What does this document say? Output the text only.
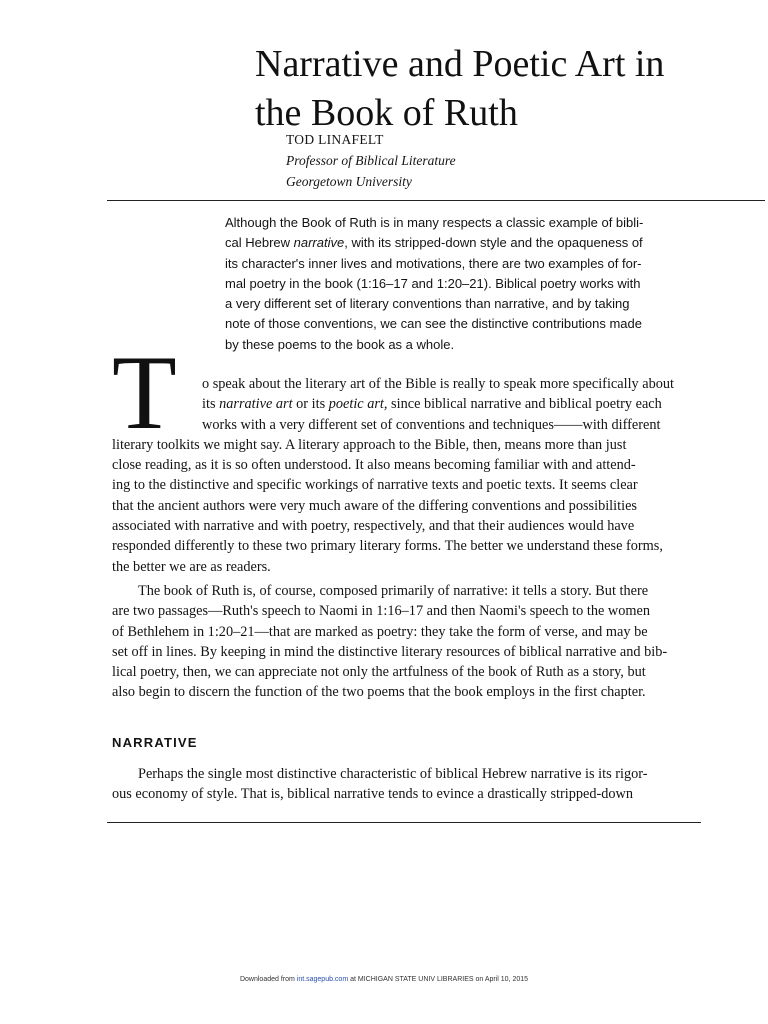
Narrative and Poetic Art in
the Book of Ruth
TOD LINAFELT
Professor of Biblical Literature
Georgetown University
Although the Book of Ruth is in many respects a classic example of bibli-
cal Hebrew narrative, with its stripped-down style and the opaqueness of
its character's inner lives and motivations, there are two examples of for-
mal poetry in the book (1:16–17 and 1:20–21). Biblical poetry works with
a very different set of literary conventions than narrative, and by taking
note of those conventions, we can see the distinctive contributions made
by these poems to the book as a whole.
T	o speak about the literary art of the Bible is really to speak more specifically about
its narrative art or its poetic art, since biblical narrative and biblical poetry each
works with a very different set of conventions and techniques——with different
literary toolkits we might say. A literary approach to the Bible, then, means more than just
close reading, as it is so often understood. It also means becoming familiar with and attend-
ing to the distinctive and specific workings of narrative texts and poetic texts. It seems clear
that the ancient authors were very much aware of the differing conventions and possibilities
associated with narrative and with poetry, respectively, and that their audiences would have
responded differently to these two primary literary forms. The better we understand these forms,
the better we are as readers.
The book of Ruth is, of course, composed primarily of narrative: it tells a story. But there
are two passages—Ruth's speech to Naomi in 1:16–17 and then Naomi's speech to the women
of Bethlehem in 1:20–21—that are marked as poetry: they take the form of verse, and may be
set off in lines. By keeping in mind the distinctive literary resources of biblical narrative and bib-
lical poetry, then, we can appreciate not only the artfulness of the book of Ruth as a story, but
also begin to discern the function of the two poems that the book employs in the first chapter.
NARRATIVE
Perhaps the single most distinctive characteristic of biblical Hebrew narrative is its rigor-
ous economy of style. That is, biblical narrative tends to evince a drastically stripped-down
Downloaded from int.sagepub.com at MICHIGAN STATE UNIV LIBRARIES on April 10, 2015
